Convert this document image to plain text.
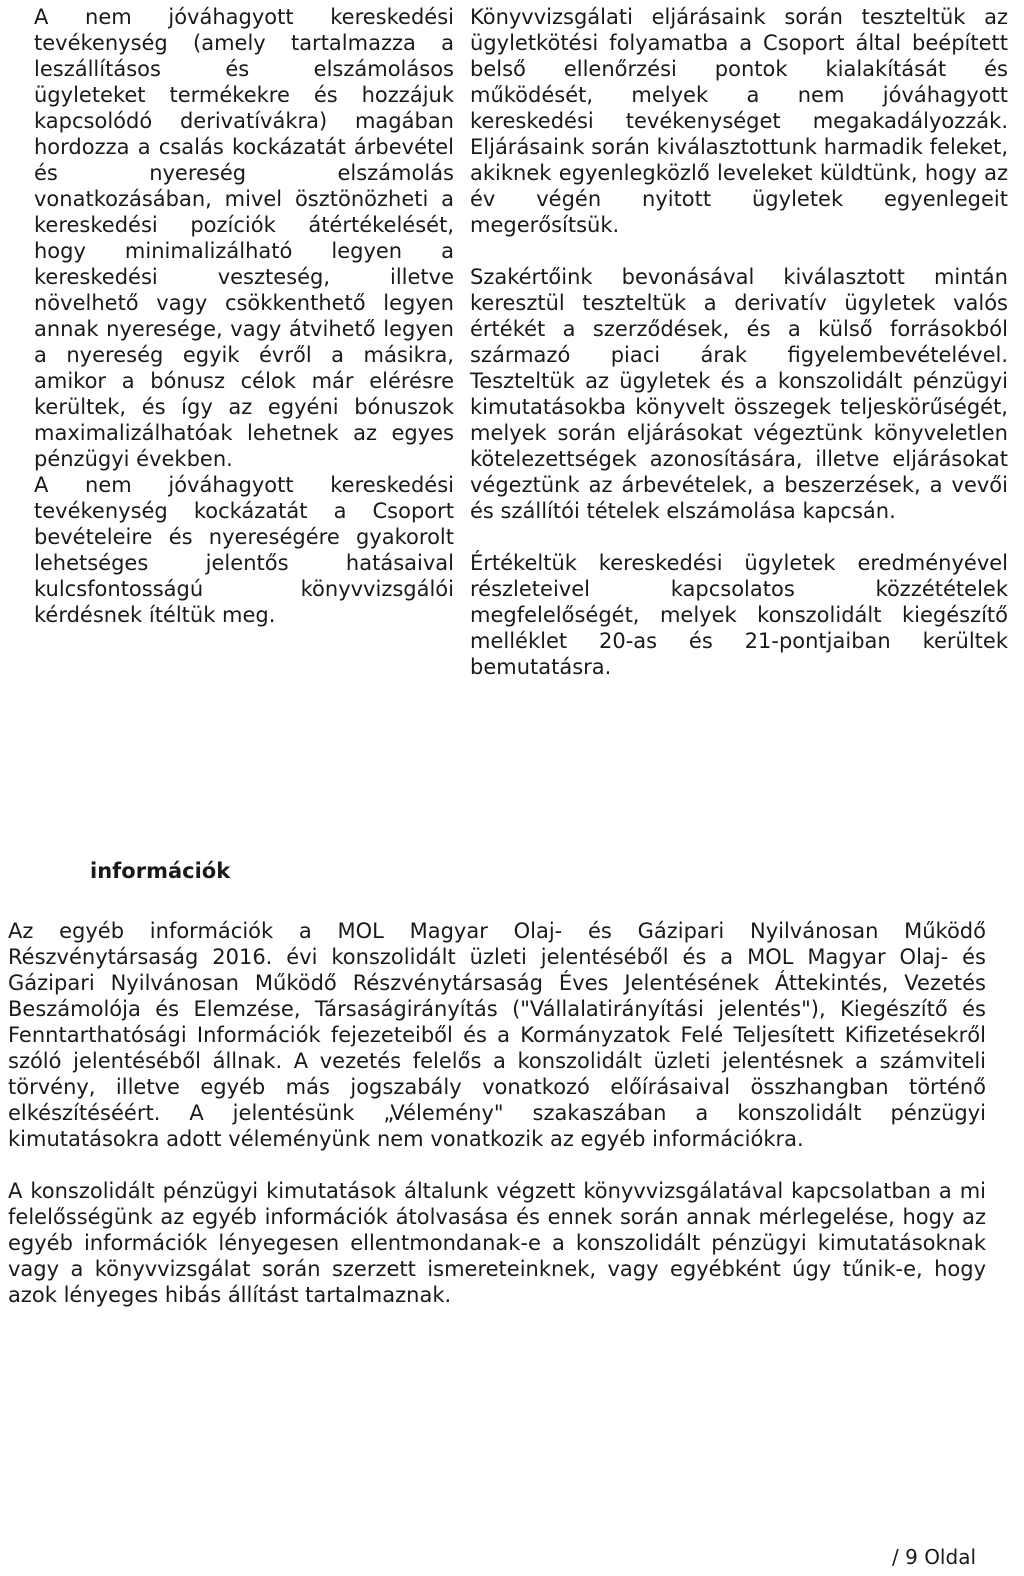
A nem jóváhagyott kereskedési tevékenység (amely tartalmazza a leszállításos és elszámolásos ügyleteket termékekre és hozzájuk kapcsolódó derivatívákra) magában hordozza a csalás kockázatát árbevétel és nyereség elszámolás vonatkozásában, mivel ösztönözheti a kereskedési pozíciók átértékelését, hogy minimalizálható legyen a kereskedési veszteség, illetve növelhető vagy csökkenthető legyen annak nyeresége, vagy átvihető legyen a nyereség egyik évről a másikra, amikor a bónusz célok már elérésre kerültek, és így az egyéni bónuszok maximalizálhatóak lehetnek az egyes pénzügyi években.

A nem jóváhagyott kereskedési tevékenység kockázatát a Csoport bevételeire és nyereségére gyakorolt lehetséges jelentős hatásaival kulcsfontosságú könyvvizsgálói kérdésnek ítéltük meg.

Könyvvizsgálati eljárásaink során teszteltük az ügyletkötési folyamatba a Csoport által beépített belső ellenőrzési pontok kialakítását és működését, melyek a nem jóváhagyott kereskedési tevékenységet megakadályozzák. Eljárásaink során kiválasztottunk harmadik feleket, akiknek egyenlegközlő leveleket küldtünk, hogy az év végén nyitott ügyletek egyenlegeit megerősítsük.

Szakértőink bevonásával kiválasztott mintán keresztül teszteltük a derivatív ügyletek valós értékét a szerződések, és a külső forrásokból származó piaci árak figyelembevételével. Teszteltük az ügyletek és a konszolidált pénzügyi kimutatásokba könyvelt összegek teljeskörűségét, melyek során eljárásokat végeztünk könyveletlen kötelezettségek azonosítására, illetve eljárásokat végeztünk az árbevételek, a beszerzések, a vevői és szállítói tételek elszámolása kapcsán.

Értékeltük kereskedési ügyletek eredményével részleteivel kapcsolatos közzétételek megfelelőségét, melyek konszolidált kiegészítő melléklet 20-as és 21-pontjaiban kerültek bemutatásra.

információk

Az egyéb információk a MOL Magyar Olaj- és Gázipari Nyilvánosan Működő Részvénytársaság 2016. évi konszolidált üzleti jelentéséből és a MOL Magyar Olaj- és Gázipari Nyilvánosan Működő Részvénytársaság Éves Jelentésének Áttekintés, Vezetés Beszámolója és Elemzése, Társaságirányítás ("Vállalatirányítási jelentés"), Kiegészítő és Fenntarthatósági Információk fejezeteiből és a Kormányzatok Felé Teljesített Kifizetésekről szóló jelentéséből állnak. A vezetés felelős a konszolidált üzleti jelentésnek a számviteli törvény, illetve egyéb más jogszabály vonatkozó előírásaival összhangban történő elkészítéséért. A jelentésünk „Vélemény" szakaszában a konszolidált pénzügyi kimutatásokra adott véleményünk nem vonatkozik az egyéb információkra.

A konszolidált pénzügyi kimutatások általunk végzett könyvvizsgálatával kapcsolatban a mi felelősségünk az egyéb információk átolvasása és ennek során annak mérlegelése, hogy az egyéb információk lényegesen ellentmondanak-e a konszolidált pénzügyi kimutatásoknak vagy a könyvvizsgálat során szerzett ismereteinknek, vagy egyébként úgy tűnik-e, hogy azok lényeges hibás állítást tartalmaznak.

/ 9 Oldal
